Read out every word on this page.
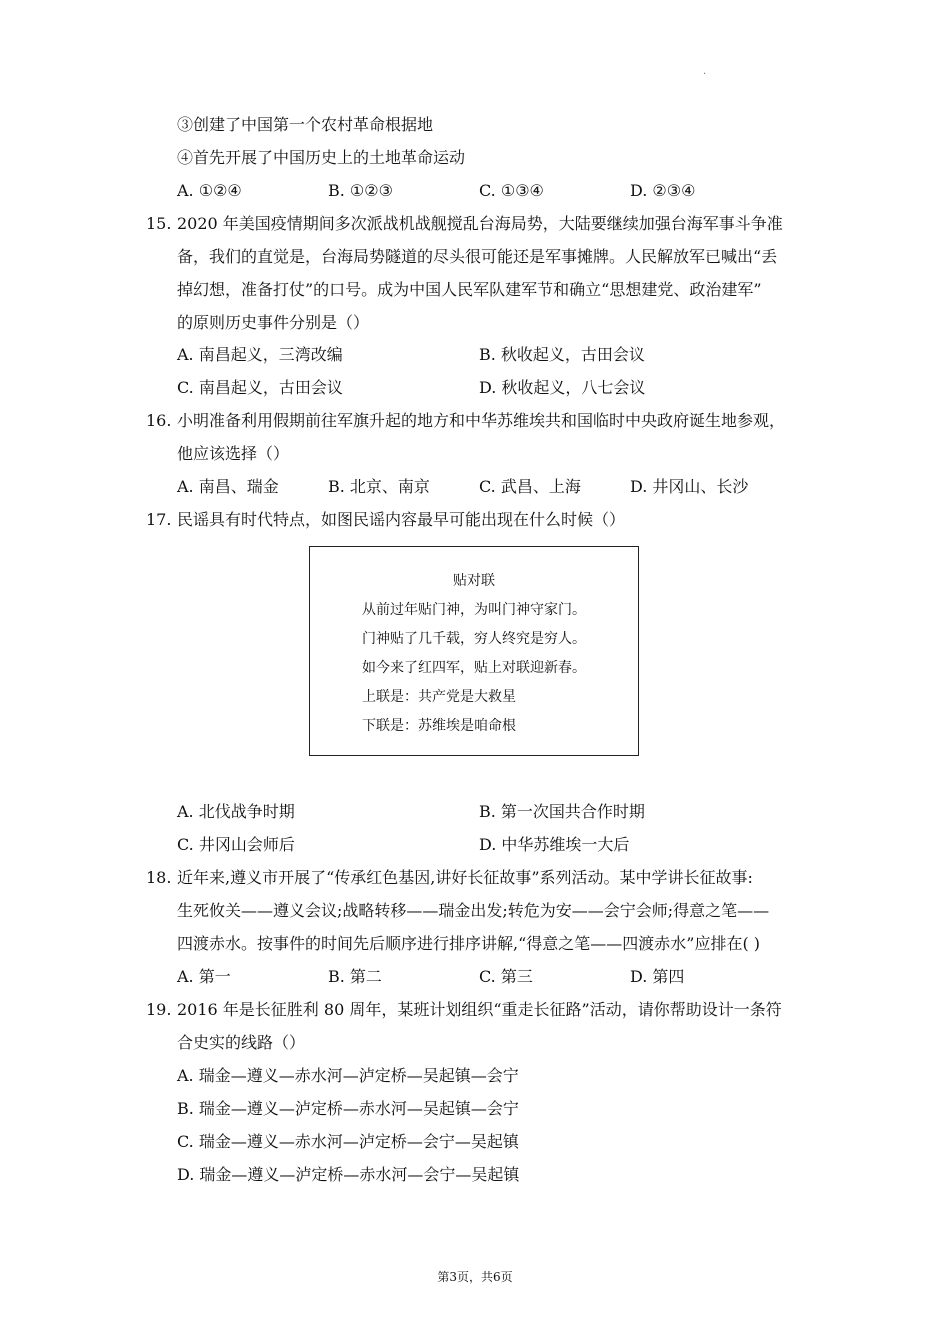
.
③创建了中国第一个农村革命根据地
④首先开展了中国历史上的土地革命运动
A. ①②④	B. ①②③	C. ①③④	D. ②③④
15. 2020 年美国疫情期间多次派战机战舰搅乱台海局势，大陆要继续加强台海军事斗争准
备，我们的直觉是，台海局势隧道的尽头很可能还是军事摊牌。人民解放军已喊出“丢
掉幻想，准备打仗”的口号。成为中国人民军队建军节和确立“思想建党、政治建军”
的原则历史事件分别是（）
A. 南昌起义，三湾改编	B. 秋收起义，古田会议
C. 南昌起义，古田会议	D. 秋收起义，八七会议
16. 小明准备利用假期前往军旗升起的地方和中华苏维埃共和国临时中央政府诞生地参观，
他应该选择（）
A. 南昌、瑞金	B. 北京、南京	C. 武昌、上海	D. 井冈山、长沙
17. 民谣具有时代特点，如图民谣内容最早可能出现在什么时候（）
贴对联
从前过年贴门神，为叫门神守家门。
门神贴了几千载，穷人终究是穷人。
如今来了红四军，贴上对联迎新春。
上联是：共产党是大救星
下联是：苏维埃是咱命根
A. 北伐战争时期	B. 第一次国共合作时期
C. 井冈山会师后	D. 中华苏维埃一大后
18. 近年来,遵义市开展了“传承红色基因,讲好长征故事”系列活动。某中学讲长征故事:
生死攸关——遵义会议;战略转移——瑞金出发;转危为安——会宁会师;得意之笔——
四渡赤水。按事件的时间先后顺序进行排序讲解,“得意之笔——四渡赤水”应排在( )
A. 第一	B. 第二	C. 第三	D. 第四
19. 2016 年是长征胜利 80 周年，某班计划组织“重走长征路”活动，请你帮助设计一条符
合史实的线路（）
A. 瑞金—遵义—赤水河—泸定桥—吴起镇—会宁
B. 瑞金—遵义—泸定桥—赤水河—吴起镇—会宁
C. 瑞金—遵义—赤水河—泸定桥—会宁—吴起镇
D. 瑞金—遵义—泸定桥—赤水河—会宁—吴起镇
第3页，共6页
